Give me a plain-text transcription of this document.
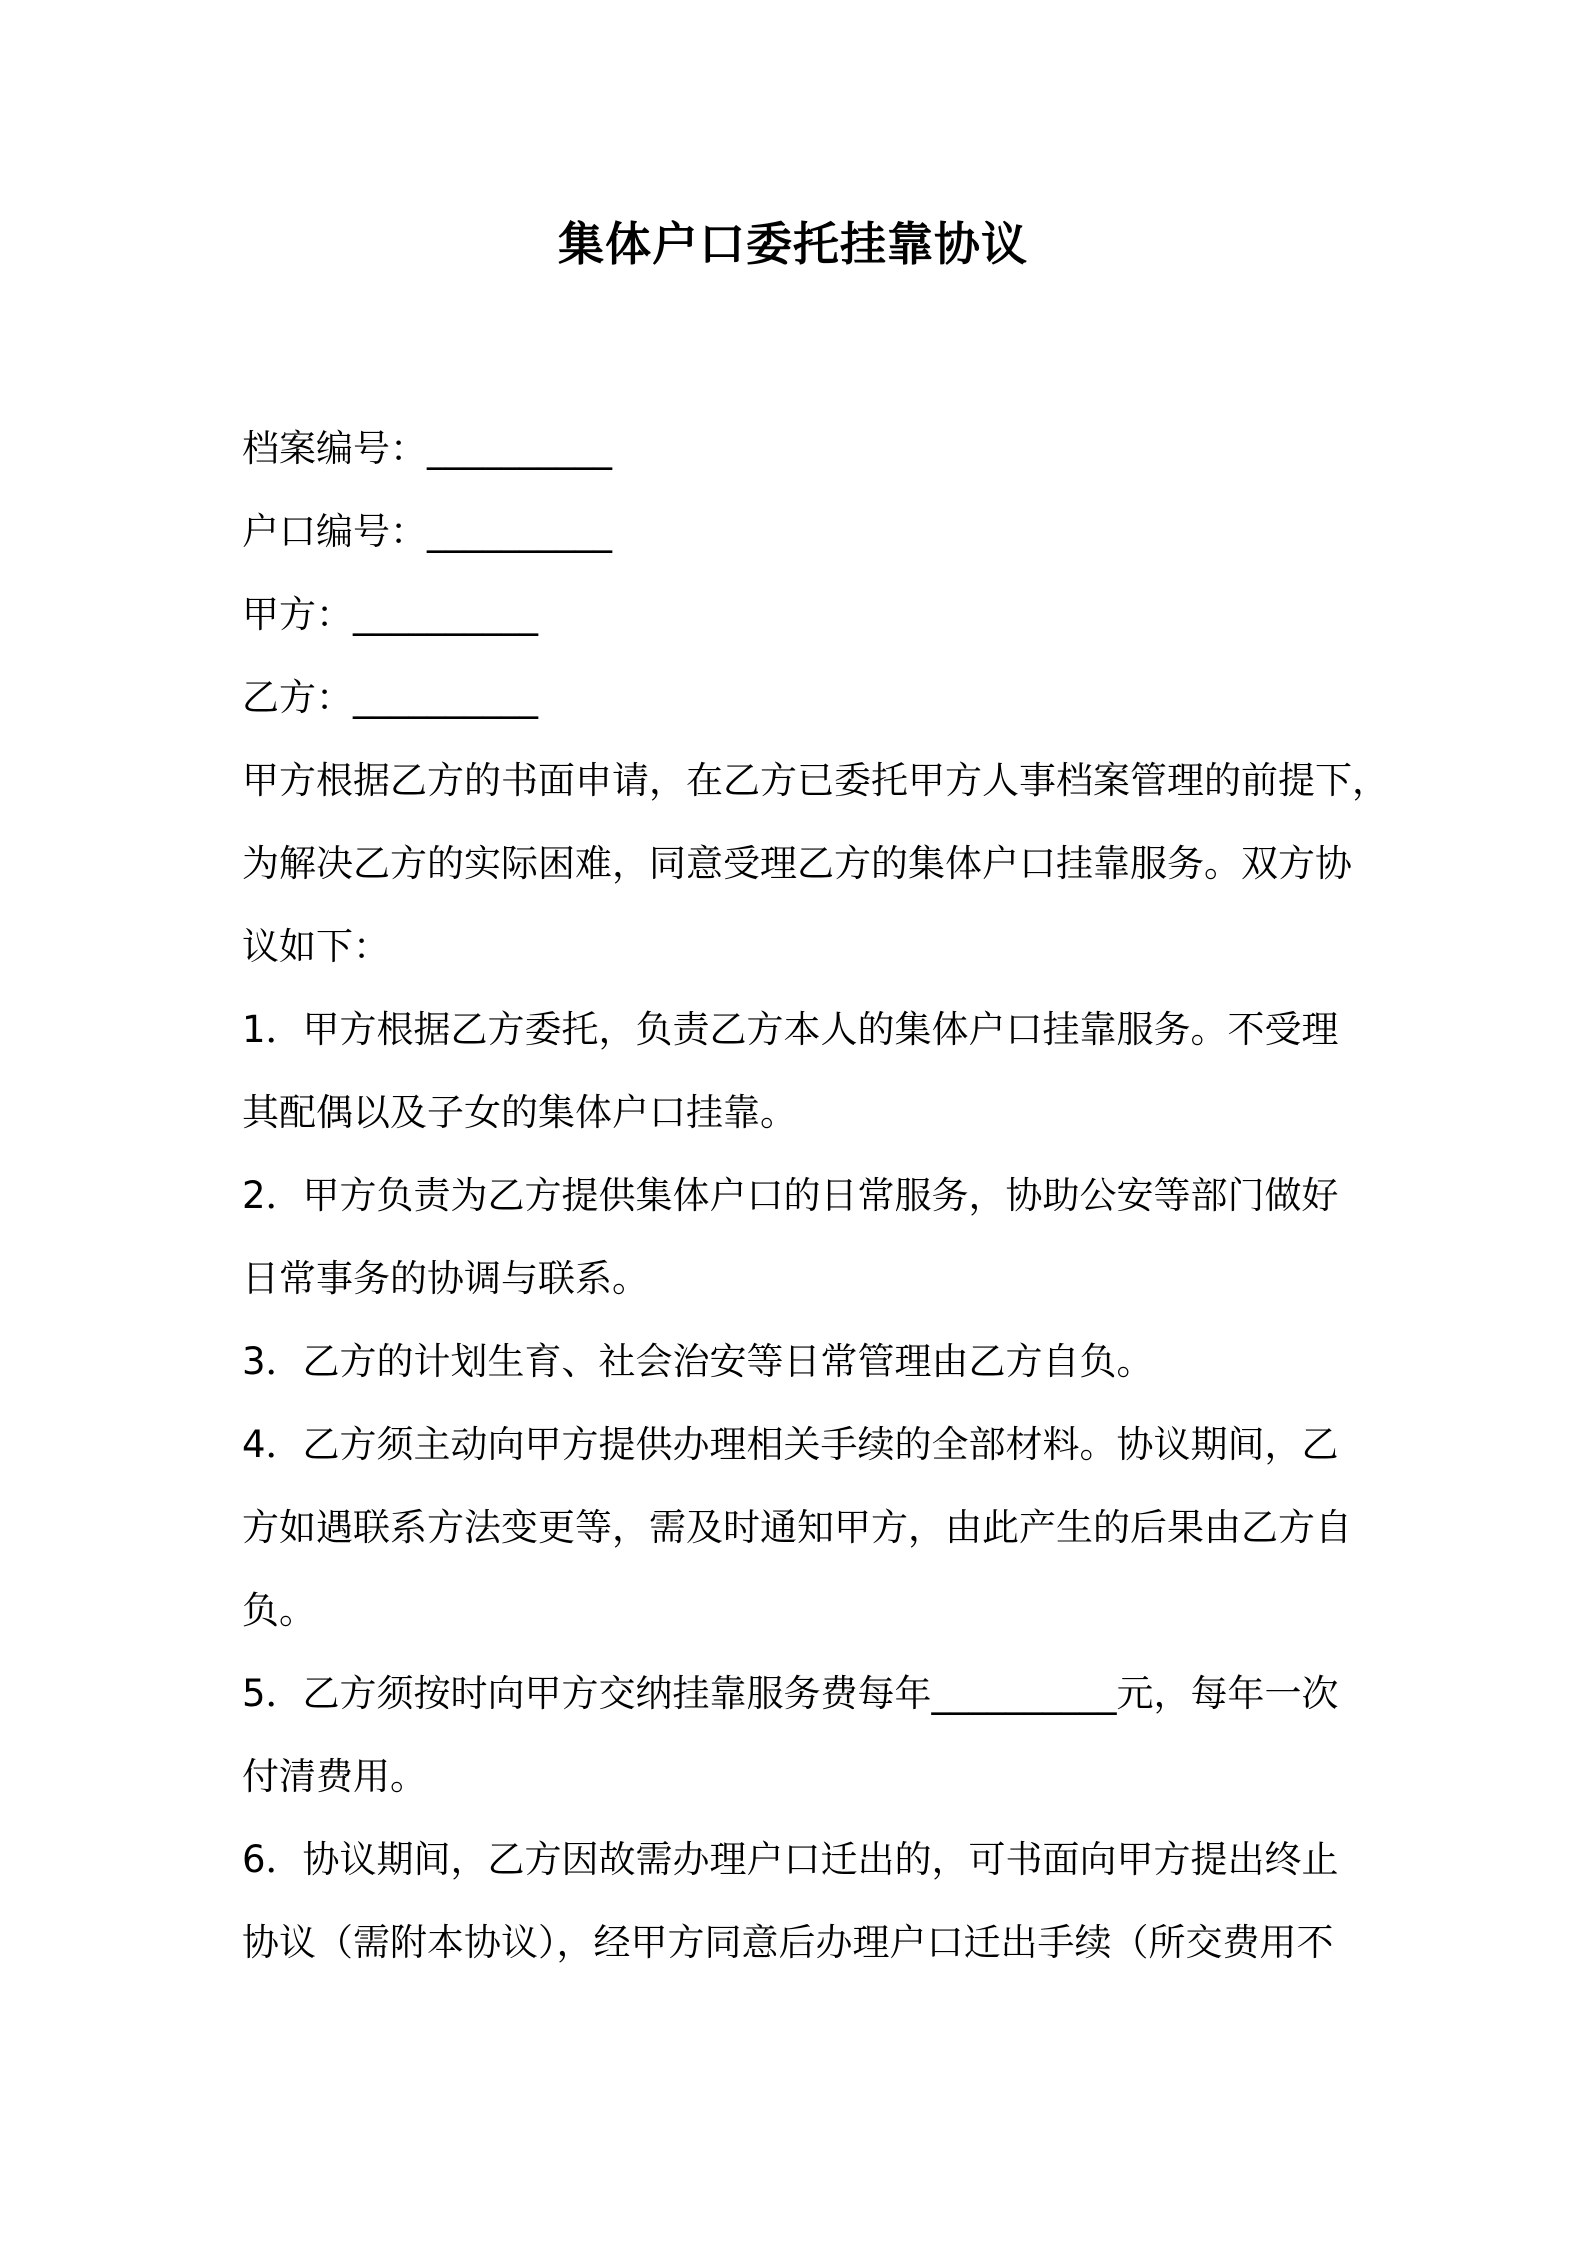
集体户口委托挂靠协议
档案编号：__________
户口编号：__________
甲方：__________
乙方：__________
甲方根据乙方的书面申请，在乙方已委托甲方人事档案管理的前提下，
为解决乙方的实际困难，同意受理乙方的集体户口挂靠服务。双方协
议如下：
1．甲方根据乙方委托，负责乙方本人的集体户口挂靠服务。不受理
其配偶以及子女的集体户口挂靠。
2．甲方负责为乙方提供集体户口的日常服务，协助公安等部门做好
日常事务的协调与联系。
3．乙方的计划生育、社会治安等日常管理由乙方自负。
4．乙方须主动向甲方提供办理相关手续的全部材料。协议期间，乙
方如遇联系方法变更等，需及时通知甲方，由此产生的后果由乙方自
负。
5．乙方须按时向甲方交纳挂靠服务费每年__________元，每年一次
付清费用。
6．协议期间，乙方因故需办理户口迁出的，可书面向甲方提出终止
协议（需附本协议），经甲方同意后办理户口迁出手续（所交费用不
